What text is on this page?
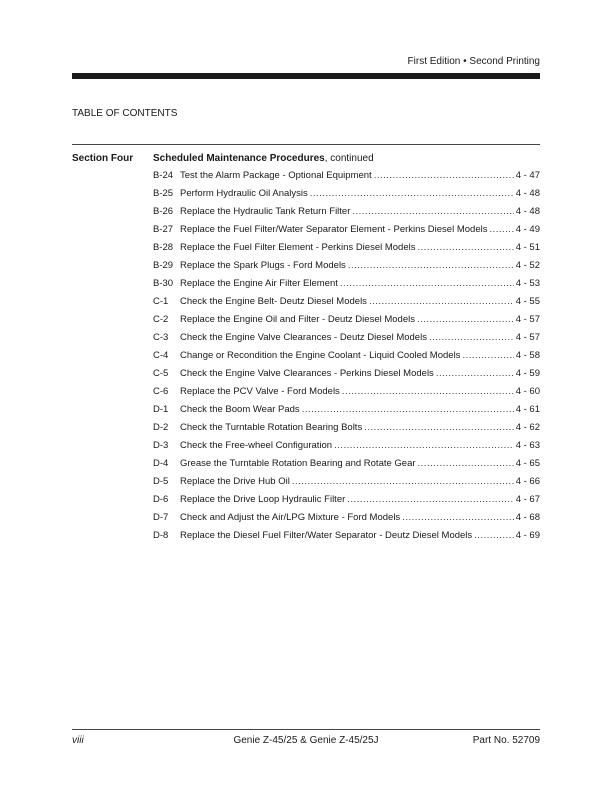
First Edition • Second Printing
TABLE OF CONTENTS
Section Four Scheduled Maintenance Procedures, continued
B-24 Test the Alarm Package - Optional Equipment .....	4 - 47
B-25 Perform Hydraulic Oil Analysis .....	4 - 48
B-26 Replace the Hydraulic Tank Return Filter .....	4 - 48
B-27 Replace the Fuel Filter/Water Separator Element - Perkins Diesel Models .....	4 - 49
B-28 Replace the Fuel Filter Element - Perkins Diesel Models .....	4 - 51
B-29 Replace the Spark Plugs - Ford Models .....	4 - 52
B-30 Replace the Engine Air Filter Element .....	4 - 53
C-1	Check the Engine Belt- Deutz Diesel Models .....	4 - 55
C-2	Replace the Engine Oil and Filter - Deutz Diesel Models .....	4 - 57
C-3	Check the Engine Valve Clearances - Deutz Diesel Models .....	4 - 57
C-4	Change or Recondition the Engine Coolant - Liquid Cooled Models .....	4 - 58
C-5	Check the Engine Valve Clearances - Perkins Diesel Models .....	4 - 59
C-6	Replace the PCV Valve - Ford Models .....	4 - 60
D-1	Check the Boom Wear Pads .....	4 - 61
D-2	Check the Turntable Rotation Bearing Bolts .....	4 - 62
D-3	Check the Free-wheel Configuration .....	4 - 63
D-4	Grease the Turntable Rotation Bearing and Rotate Gear .....	4 - 65
D-5	Replace the Drive Hub Oil .....	4 - 66
D-6	Replace the Drive Loop Hydraulic Filter .....	4 - 67
D-7	Check and Adjust the Air/LPG Mixture - Ford Models .....	4 - 68
D-8	Replace the Diesel Fuel Filter/Water Separator - Deutz Diesel Models .....	4 - 69
viii	Genie Z-45/25 & Genie Z-45/25J	Part No. 52709
